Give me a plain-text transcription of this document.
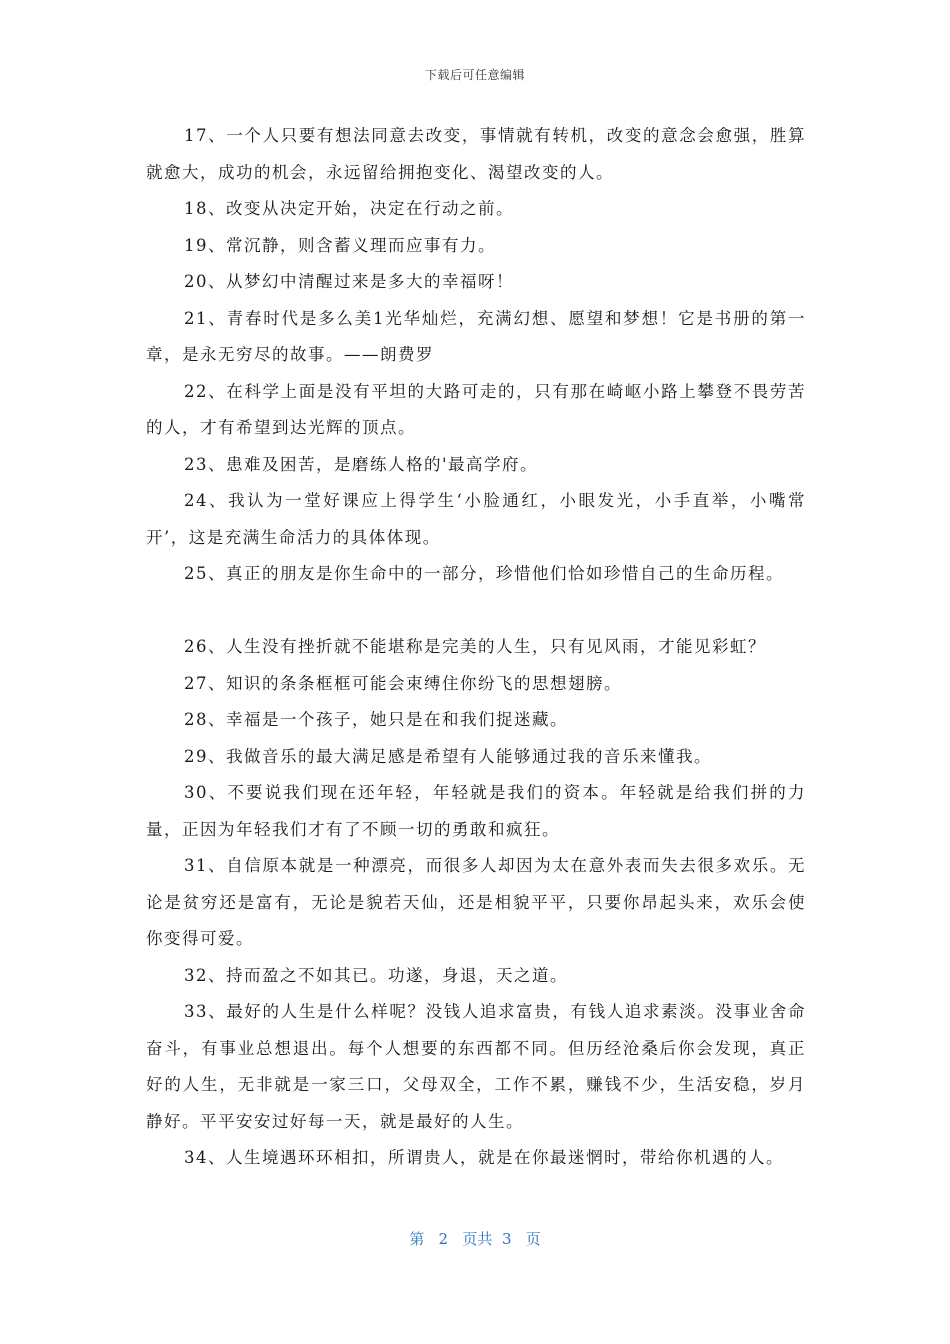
下载后可任意编辑

17、一个人只要有想法同意去改变，事情就有转机，改变的意念会愈强，胜算就愈大，成功的机会，永远留给拥抱变化、渴望改变的人。

18、改变从决定开始，决定在行动之前。

19、常沉静，则含蓄义理而应事有力。

20、从梦幻中清醒过来是多大的幸福呀！

21、青春时代是多么美1光华灿烂，充满幻想、愿望和梦想！它是书册的第一章，是永无穷尽的故事。——朗费罗

22、在科学上面是没有平坦的大路可走的，只有那在崎岖小路上攀登不畏劳苦的人，才有希望到达光辉的顶点。

23、患难及困苦，是磨练人格的'最高学府。

24、我认为一堂好课应上得学生‘小脸通红，小眼发光，小手直举，小嘴常开’，这是充满生命活力的具体体现。

25、真正的朋友是你生命中的一部分，珍惜他们恰如珍惜自己的生命历程。

26、人生没有挫折就不能堪称是完美的人生，只有见风雨，才能见彩虹？

27、知识的条条框框可能会束缚住你纷飞的思想翅膀。

28、幸福是一个孩子，她只是在和我们捉迷藏。

29、我做音乐的最大满足感是希望有人能够通过我的音乐来懂我。

30、不要说我们现在还年轻，年轻就是我们的资本。年轻就是给我们拼的力量，正因为年轻我们才有了不顾一切的勇敢和疯狂。

31、自信原本就是一种漂亮，而很多人却因为太在意外表而失去很多欢乐。无论是贫穷还是富有，无论是貌若天仙，还是相貌平平，只要你昂起头来，欢乐会使你变得可爱。

32、持而盈之不如其已。功遂，身退，天之道。

33、最好的人生是什么样呢？没钱人追求富贵，有钱人追求素淡。没事业舍命奋斗，有事业总想退出。每个人想要的东西都不同。但历经沧桑后你会发现，真正好的人生，无非就是一家三口，父母双全，工作不累，赚钱不少，生活安稳，岁月静好。平平安安过好每一天，就是最好的人生。

34、人生境遇环环相扣，所谓贵人，就是在你最迷惘时，带给你机遇的人。

第 2 页共 3 页
